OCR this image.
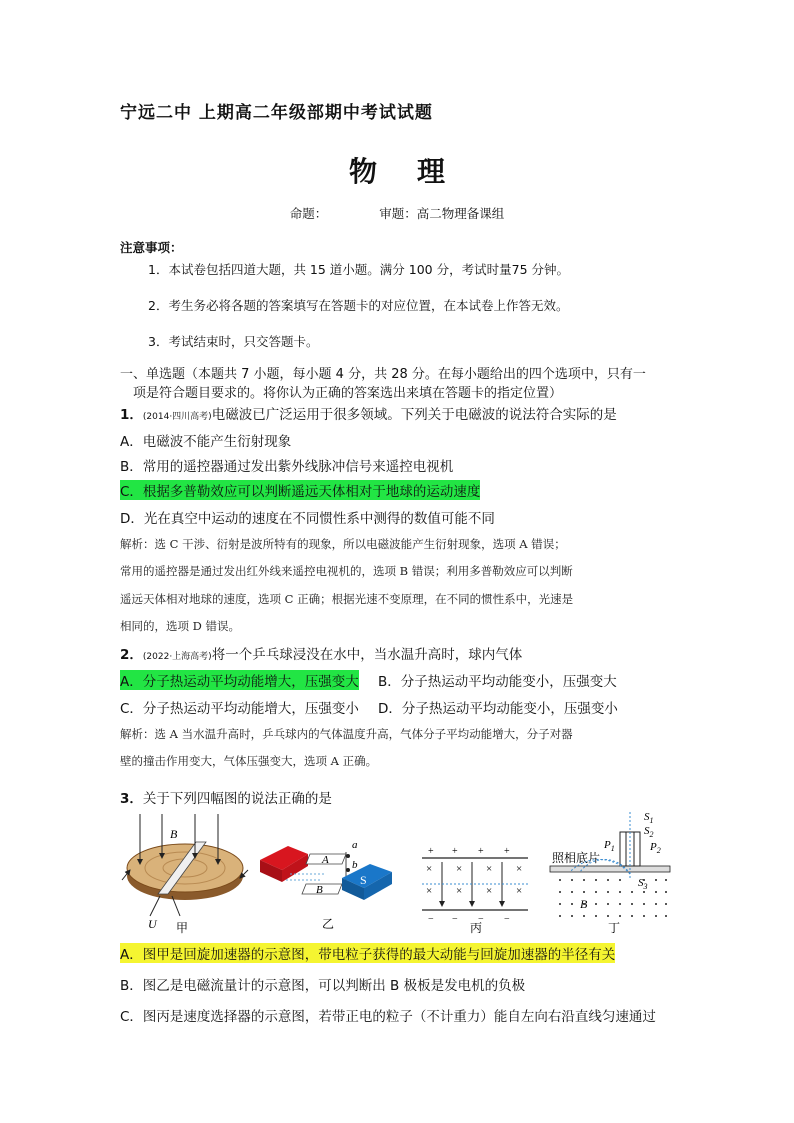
宁远二中 上期高二年级部期中考试试题
物理
命题：	审题：高二物理备课组
注意事项：
1．本试卷包括四道大题，共 15 道小题。满分 100 分，考试时量75 分钟。
2．考生务必将各题的答案填写在答题卡的对应位置，在本试卷上作答无效。
3．考试结束时，只交答题卡。
一、单选题（本题共 7 小题，每小题 4 分，共 28 分。在每小题给出的四个选项中，只有一
项是符合题目要求的。将你认为正确的答案选出来填在答题卡的指定位置）
1．(2014·四川高考)电磁波已广泛运用于很多领域。下列关于电磁波的说法符合实际的是
A．电磁波不能产生衍射现象
B．常用的遥控器通过发出紫外线脉冲信号来遥控电视机
C．根据多普勒效应可以判断遥远天体相对于地球的运动速度
D．光在真空中运动的速度在不同惯性系中测得的数值可能不同
解析：选 C 干涉、衍射是波所特有的现象，所以电磁波能产生衍射现象，选项 A 错误；
常用的遥控器是通过发出红外线来遥控电视机的，选项 B 错误；利用多普勒效应可以判断
遥远天体相对地球的速度，选项 C 正确；根据光速不变原理，在不同的惯性系中，光速是
相同的，选项 D 错误。
2．(2022·上海高考)将一个乒乓球浸没在水中，当水温升高时，球内气体
A．分子热运动平均动能增大，压强变大 B．分子热运动平均动能变小，压强变大
C．分子热运动平均动能增大，压强变小 D．分子热运动平均动能变小，压强变小
解析：选 A 当水温升高时，乒乓球内的气体温度升高，气体分子平均动能增大，分子对器
壁的撞击作用变大，气体压强变大，选项 A 正确。
3．关于下列四幅图的说法正确的是
B
U 甲
A
B
a
b
S
乙
+ + + +
− − − −
× × × ×
× × × ×
丙
照相底片
$S_1$
$S_2$
$P_1$	$P_2$
$S_3$
B
丁
A．图甲是回旋加速器的示意图，带电粒子获得的最大动能与回旋加速器的半径有关
B．图乙是电磁流量计的示意图，可以判断出 B 极板是发电机的负极
C．图丙是速度选择器的示意图，若带正电的粒子（不计重力）能自左向右沿直线匀速通过
